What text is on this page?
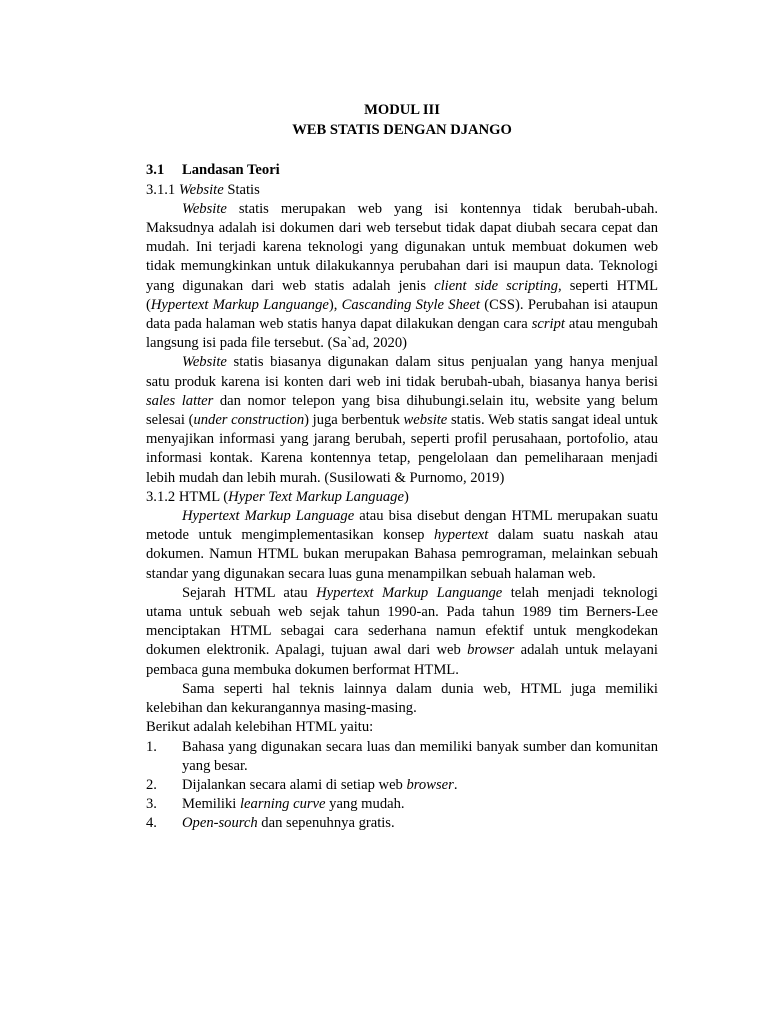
MODUL III

WEB STATIS DENGAN DJANGO

3.1	Landasan Teori

3.1.1 Website Statis

Website statis merupakan web yang isi kontennya tidak berubah-ubah. Maksudnya adalah isi dokumen dari web tersebut tidak dapat diubah secara cepat dan mudah. Ini terjadi karena teknologi yang digunakan untuk membuat dokumen web tidak memungkinkan untuk dilakukannya perubahan dari isi maupun data. Teknologi yang digunakan dari web statis adalah jenis client side scripting, seperti HTML (Hypertext Markup Languange), Cascanding Style Sheet (CSS). Perubahan isi ataupun data pada halaman web statis hanya dapat dilakukan dengan cara script atau mengubah langsung isi pada file tersebut. (Sa`ad, 2020)

Website statis biasanya digunakan dalam situs penjualan yang hanya menjual satu produk karena isi konten dari web ini tidak berubah-ubah, biasanya hanya berisi sales latter dan nomor telepon yang bisa dihubungi.selain itu, website yang belum selesai (under construction) juga berbentuk website statis. Web statis sangat ideal untuk menyajikan informasi yang jarang berubah, seperti profil perusahaan, portofolio, atau informasi kontak. Karena kontennya tetap, pengelolaan dan pemeliharaan menjadi lebih mudah dan lebih murah. (Susilowati & Purnomo, 2019)

3.1.2 HTML (Hyper Text Markup Language)

Hypertext Markup Language atau bisa disebut dengan HTML merupakan suatu metode untuk mengimplementasikan konsep hypertext dalam suatu naskah atau dokumen. Namun HTML bukan merupakan Bahasa pemrograman, melainkan sebuah standar yang digunakan secara luas guna menampilkan sebuah halaman web.

Sejarah HTML atau Hypertext Markup Languange telah menjadi teknologi utama untuk sebuah web sejak tahun 1990-an. Pada tahun 1989 tim Berners-Lee menciptakan HTML sebagai cara sederhana namun efektif untuk mengkodekan dokumen elektronik. Apalagi, tujuan awal dari web browser adalah untuk melayani pembaca guna membuka dokumen berformat HTML.

Sama seperti hal teknis lainnya dalam dunia web, HTML juga memiliki kelebihan dan kekurangannya masing-masing.

Berikut adalah kelebihan HTML yaitu:

1.	Bahasa yang digunakan secara luas dan memiliki banyak sumber dan komunitan yang besar.
2.	Dijalankan secara alami di setiap web browser.
3.	Memiliki learning curve yang mudah.
4.	Open-sourch dan sepenuhnya gratis.
